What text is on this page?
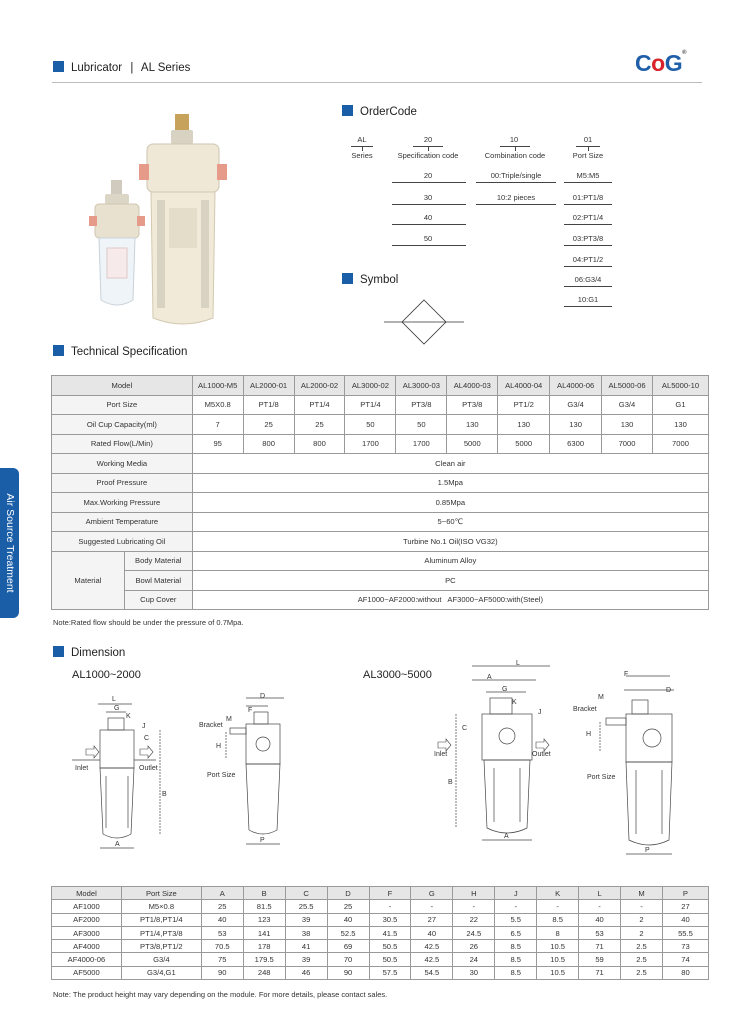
Lubricator | AL Series	CoG®
Air Source Treatment
OrderCode
AL	20	10	01
Series	Specification code	Combination code	Port Size
20
30
40
50
00:Triple/single
10:2 pieces
M5:M5
01:PT1/8
02:PT1/4
03:PT3/8
04:PT1/2
06:G3/4
10:G1
Symbol
Technical Specification
Model		AL1000-M5	AL2000-01	AL2000-02	AL3000-02	AL3000-03	AL4000-03	AL4000-04	AL4000-06	AL5000-06	AL5000-10
Port Size		M5X0.8	PT1/8	PT1/4	PT1/4	PT3/8	PT3/8	PT1/2	G3/4	G3/4	G1
Oil Cup Capacity(ml)		7	25	25	50	50	130	130	130	130	130
Rated Flow(L/Min)		95	800	800	1700	1700	5000	5000	6300	7000	7000
Working Media		Clean air									
Proof Pressure		1.5Mpa									
Max.Working Pressure		0.85Mpa									
Ambient Temperature		5~60℃									
Suggested Lubricating Oil		Turbine No.1 Oil(ISO VG32)									
Material	Body Material	Aluminum Alloy									
	Bowl Material	PC									
	Cup Cover	AF1000~AF2000:without   AF3000~AF5000:with(Steel)									
Note:Rated flow should be under the pressure of 0.7Mpa.
Dimension
AL1000~2000	AL3000~5000
L
G
K
J
C
Inlet	Outlet
B
A
Bracket
M
D
F
H
Port Size
P
L
A
G
K
J
C
Inlet	Outlet
B
A
F
D
M
Bracket
H
Port Size
P
Model	Port Size	A	B	C	D	F	G	H	J	K	L	M	P
AF1000	M5×0.8	25	81.5	25.5	25	-	-	-	-	-	-	-	27
AF2000	PT1/8,PT1/4	40	123	39	40	30.5	27	22	5.5	8.5	40	2	40
AF3000	PT1/4,PT3/8	53	141	38	52.5	41.5	40	24.5	6.5	8	53	2	55.5
AF4000	PT3/8,PT1/2	70.5	178	41	69	50.5	42.5	26	8.5	10.5	71	2.5	73
AF4000-06	G3/4	75	179.5	39	70	50.5	42.5	24	8.5	10.5	59	2.5	74
AF5000	G3/4,G1	90	248	46	90	57.5	54.5	30	8.5	10.5	71	2.5	80
Note: The product height may vary depending on the module. For more details, please contact sales.
